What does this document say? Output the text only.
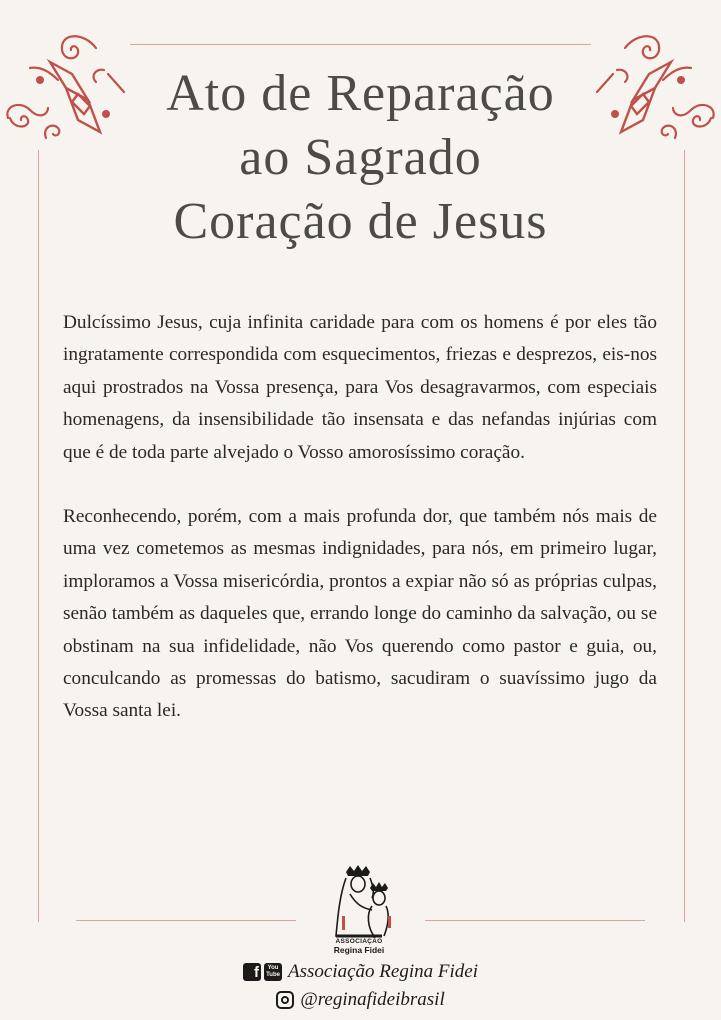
Ato de Reparação
ao Sagrado
Coração de Jesus

Dulcíssimo Jesus, cuja infinita caridade para com os homens é por eles tão ingratamente correspondida com esquecimentos, friezas e desprezos, eis-nos aqui prostrados na Vossa presença, para Vos desagravarmos, com especiais homenagens, da insensibilidade tão insensata e das nefandas injúrias com que é de toda parte alvejado o Vosso amorosíssimo coração.

Reconhecendo, porém, com a mais profunda dor, que também nós mais de uma vez cometemos as mesmas indignidades, para nós, em primeiro lugar, imploramos a Vossa misericórdia, prontos a expiar não só as próprias culpas, senão também as daqueles que, errando longe do caminho da salvação, ou se obstinam na sua infidelidade, não Vos querendo como pastor e guia, ou, conculcando as promessas do batismo, sacudiram o suavíssimo jugo da Vossa santa lei.

ASSOCIAÇÃO
Regina Fidei
f You Tube Associação Regina Fidei
@reginafideibrasil
